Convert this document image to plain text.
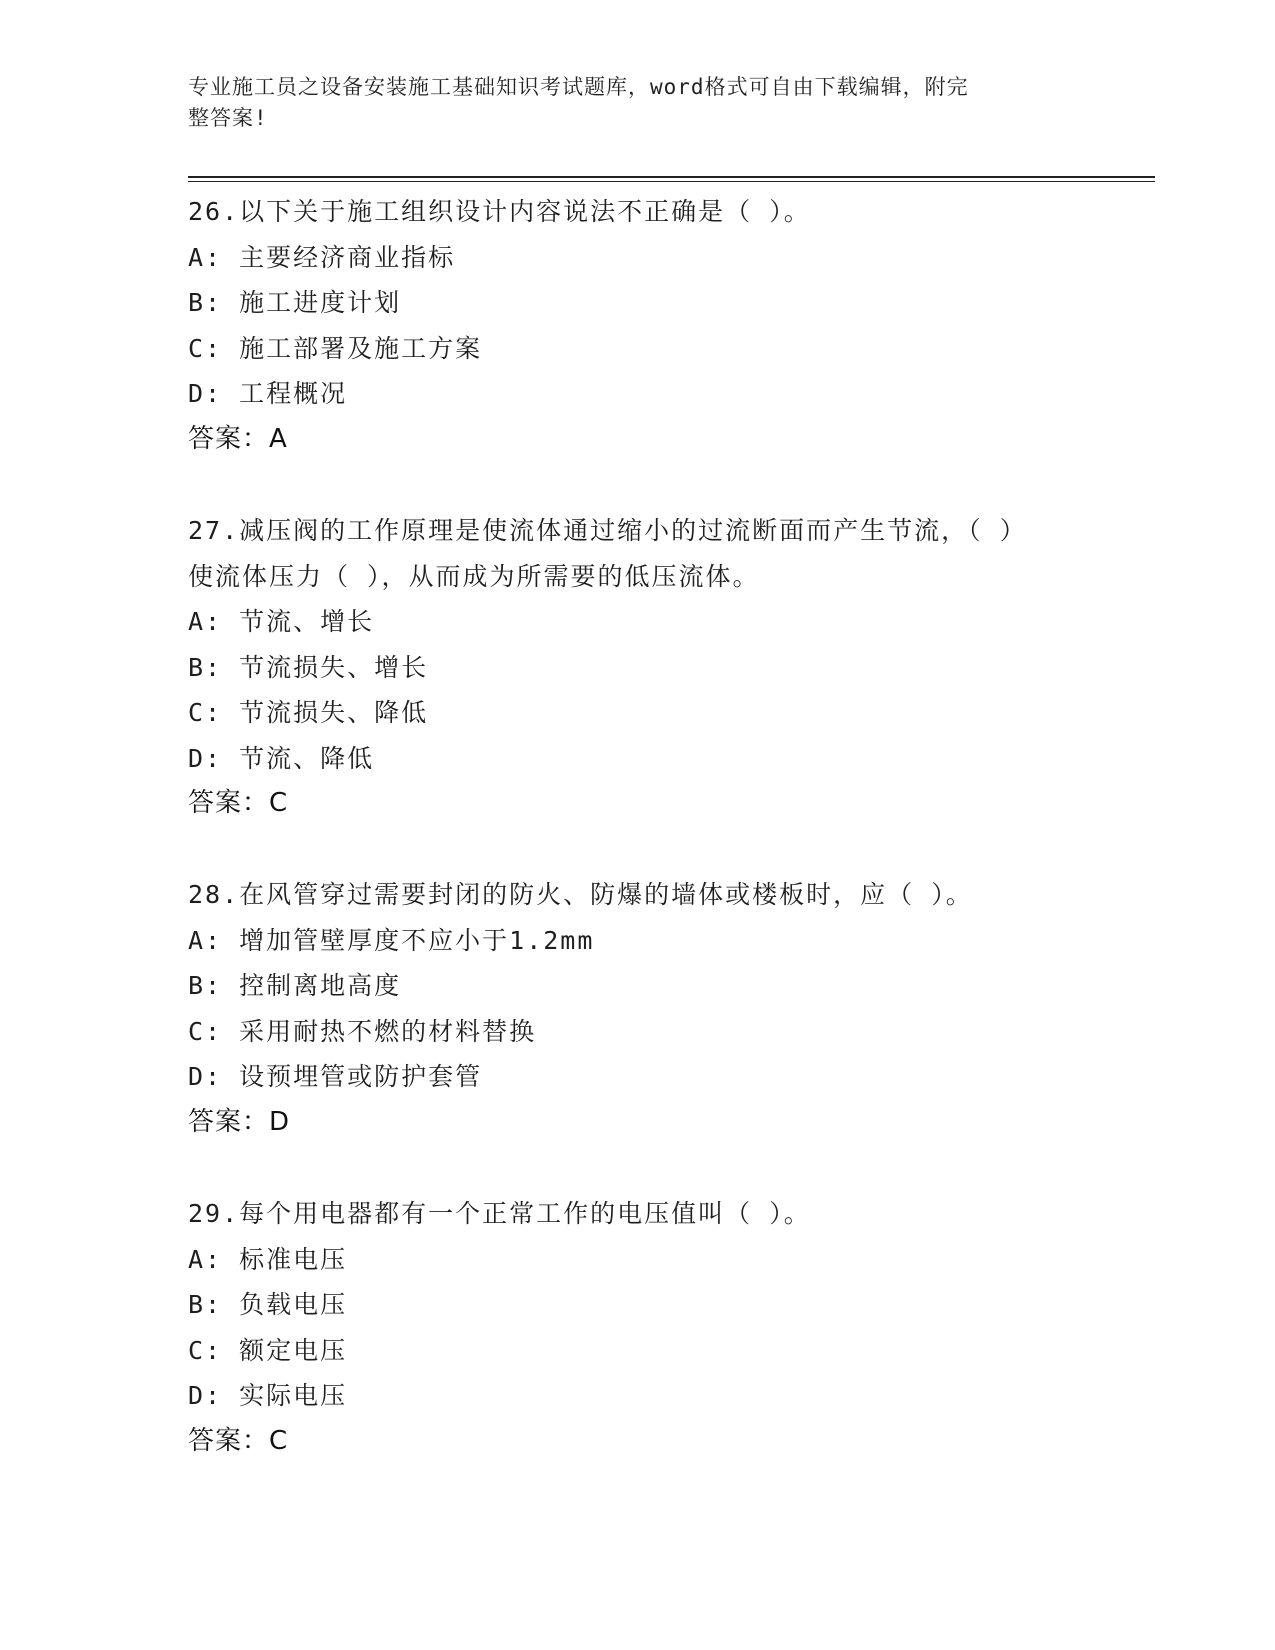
专业施工员之设备安装施工基础知识考试题库，word格式可自由下载编辑，附完
整答案!
26.以下关于施工组织设计内容说法不正确是（ ）。
A: 主要经济商业指标
B: 施工进度计划
C: 施工部署及施工方案
D: 工程概况
答案：A
27.减压阀的工作原理是使流体通过缩小的过流断面而产生节流，（ ）使流体压力（ ），从而成为所需要的低压流体。
A: 节流、增长
B: 节流损失、增长
C: 节流损失、降低
D: 节流、降低
答案：C
28.在风管穿过需要封闭的防火、防爆的墙体或楼板时，应（ ）。
A: 增加管壁厚度不应小于1.2mm
B: 控制离地高度
C: 采用耐热不燃的材料替换
D: 设预埋管或防护套管
答案：D
29.每个用电器都有一个正常工作的电压值叫（ ）。
A: 标准电压
B: 负载电压
C: 额定电压
D: 实际电压
答案：C
